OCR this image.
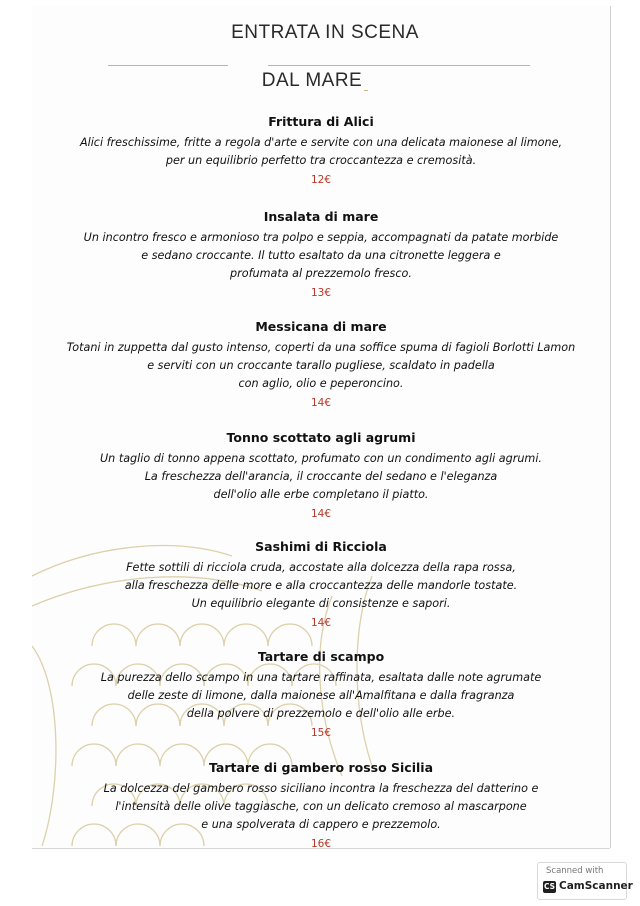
ENTRATA IN SCENA
DAL MARE
Frittura di Alici
Alici freschissime, fritte a regola d'arte e servite con una delicata maionese al limone,
per un equilibrio perfetto tra croccantezza e cremosità.
12€
Insalata di mare
Un incontro fresco e armonioso tra polpo e seppia, accompagnati da patate morbide
e sedano croccante. Il tutto esaltato da una citronette leggera e
profumata al prezzemolo fresco.
13€
Messicana di mare
Totani in zuppetta dal gusto intenso, coperti da una soffice spuma di fagioli Borlotti Lamon
e serviti con un croccante tarallo pugliese, scaldato in padella
con aglio, olio e peperoncino.
14€
Tonno scottato agli agrumi
Un taglio di tonno appena scottato, profumato con un condimento agli agrumi.
La freschezza dell'arancia, il croccante del sedano e l'eleganza
dell'olio alle erbe completano il piatto.
14€
Sashimi di Ricciola
Fette sottili di ricciola cruda, accostate alla dolcezza della rapa rossa,
alla freschezza delle more e alla croccantezza delle mandorle tostate.
Un equilibrio elegante di consistenze e sapori.
14€
Tartare di scampo
La purezza dello scampo in una tartare raffinata, esaltata dalle note agrumate
delle zeste di limone, dalla maionese all'Amalfitana e dalla fragranza
della polvere di prezzemolo e dell'olio alle erbe.
15€
Tartare di gambero rosso Sicilia
La dolcezza del gambero rosso siciliano incontra la freschezza del datterino e
l'intensità delle olive taggiasche, con un delicato cremoso al mascarpone
e una spolverata di cappero e prezzemolo.
16€
Scanned with
CS CamScanner
